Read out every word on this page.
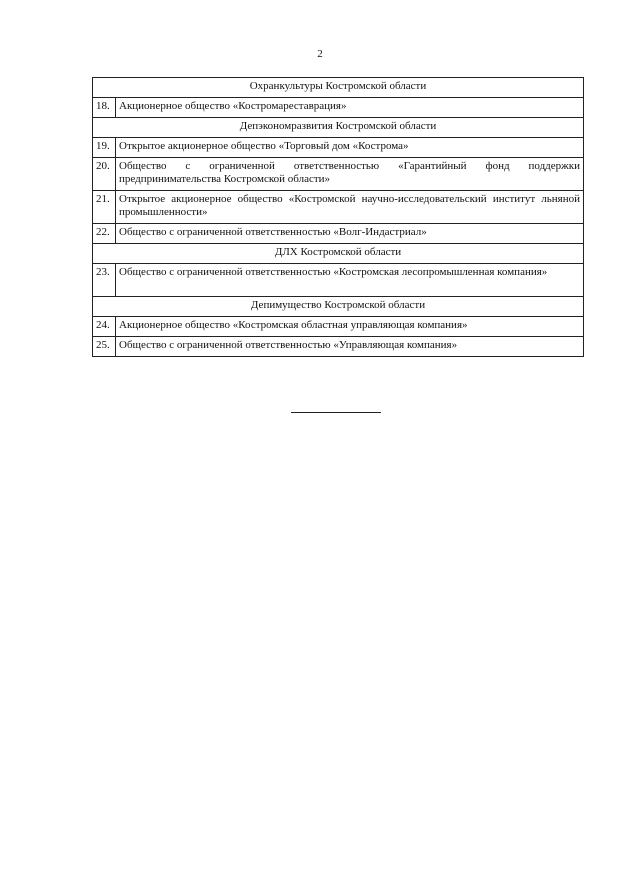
2
Охранкультуры Костромской области	
18.	Акционерное общество «Костромареставрация»
Депэкономразвития Костромской области	
19.	Открытое акционерное общество «Торговый дом «Кострома»
20.	Общество с ограниченной ответственностью «Гарантийный фонд поддержки предпринимательства Костромской области»
21.	Открытое акционерное общество «Костромской научно-исследовательский институт льняной промышленности»
22.	Общество с ограниченной ответственностью «Волг-Индастриал»
ДЛХ Костромской области	
23.	Общество с ограниченной ответственностью «Костромская лесопромышленная компания»
Депимущество Костромской области	
24.	Акционерное общество «Костромская областная управляющая компания»
25.	Общество с ограниченной ответственностью «Управляющая компания»
